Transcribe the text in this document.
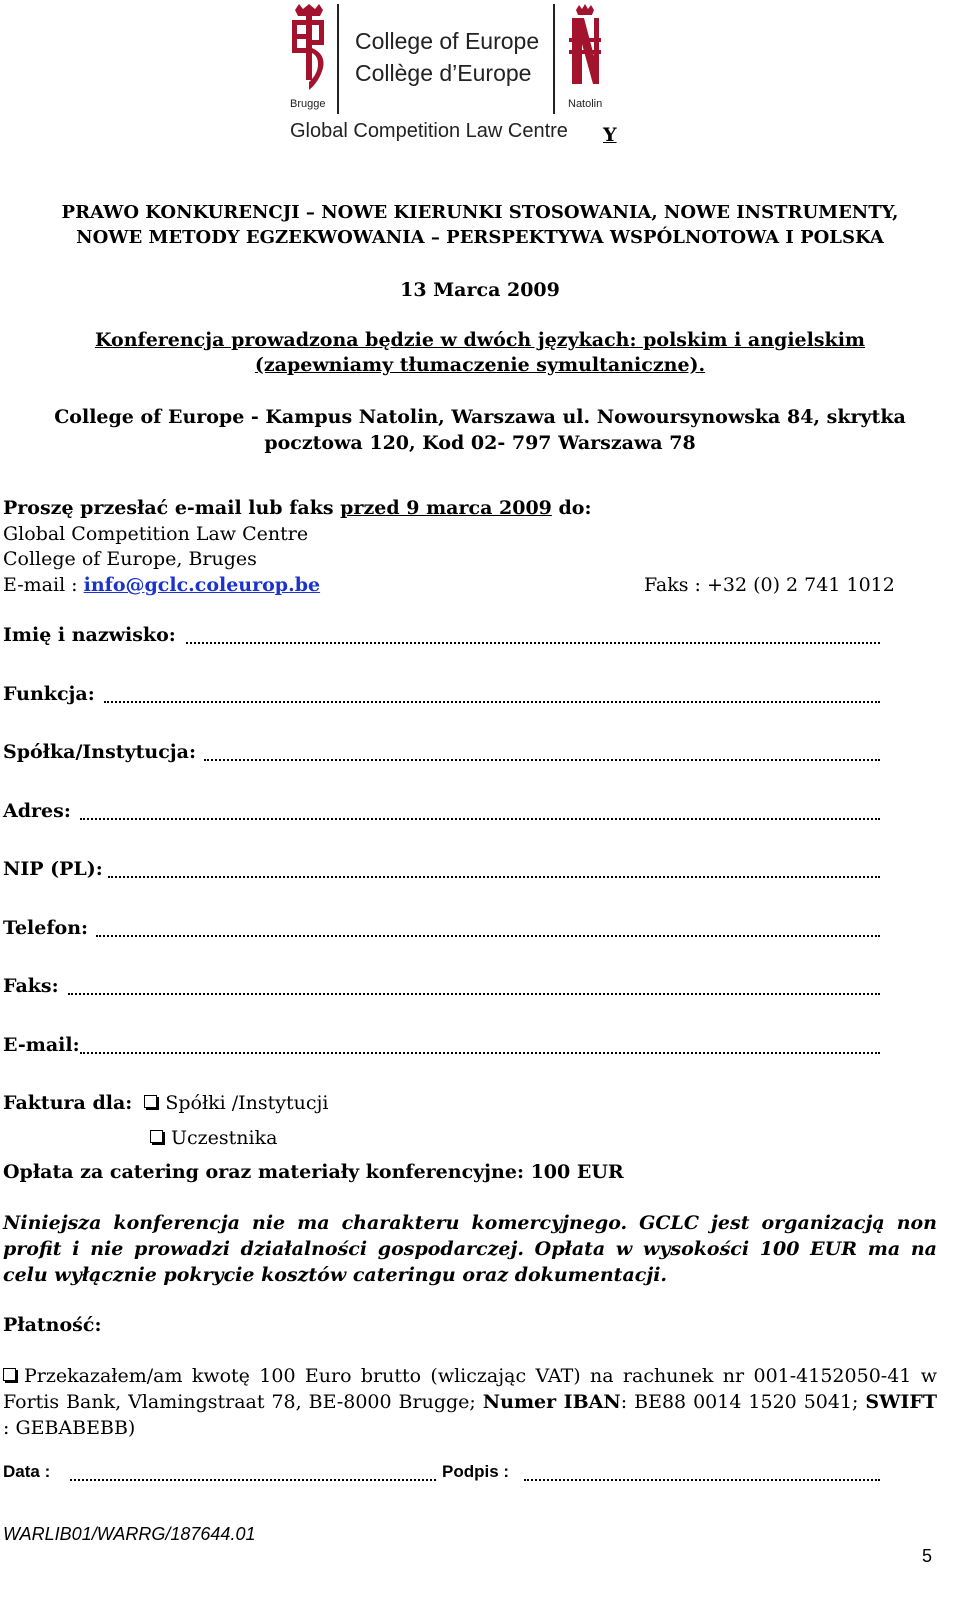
Brugge
College of Europe
Collège d’Europe
Natolin
Global Competition Law Centre Y
PRAWO KONKURENCJI – NOWE KIERUNKI STOSOWANIA, NOWE INSTRUMENTY,
NOWE METODY EGZEKWOWANIA – PERSPEKTYWA WSPÓLNOTOWA I POLSKA
13 Marca 2009
Konferencja prowadzona będzie w dwóch językach: polskim i angielskim
(zapewniamy tłumaczenie symultaniczne).
College of Europe - Kampus Natolin, Warszawa ul. Nowoursynowska 84, skrytka
pocztowa 120, Kod 02- 797 Warszawa 78
Proszę przesłać e-mail lub faks przed 9 marca 2009 do:
Global Competition Law Centre
College of Europe, Bruges
E-mail : info@gclc.coleurop.be	Faks : +32 (0) 2 741 1012
Imię i nazwisko:
Funkcja:
Spółka/Instytucja:
Adres:
NIP (PL):
Telefon:
Faks:
E-mail:
Faktura dla: Spółki /Instytucji
Uczestnika
Opłata za catering oraz materiały konferencyjne: 100 EUR
Niniejsza konferencja nie ma charakteru komercyjnego. GCLC jest organizacją non profit i nie prowadzi działalności gospodarczej. Opłata w wysokości 100 EUR ma na celu wyłącznie pokrycie kosztów cateringu oraz dokumentacji.
Płatność:
Przekazałem/am kwotę 100 Euro brutto (wliczając VAT) na rachunek nr 001-4152050-41 w Fortis Bank, Vlamingstraat 78, BE-8000 Brugge; Numer IBAN: BE88 0014 1520 5041; SWIFT : GEBABEBB)
Data :	Podpis :
WARLIB01/WARRG/187644.01
5
